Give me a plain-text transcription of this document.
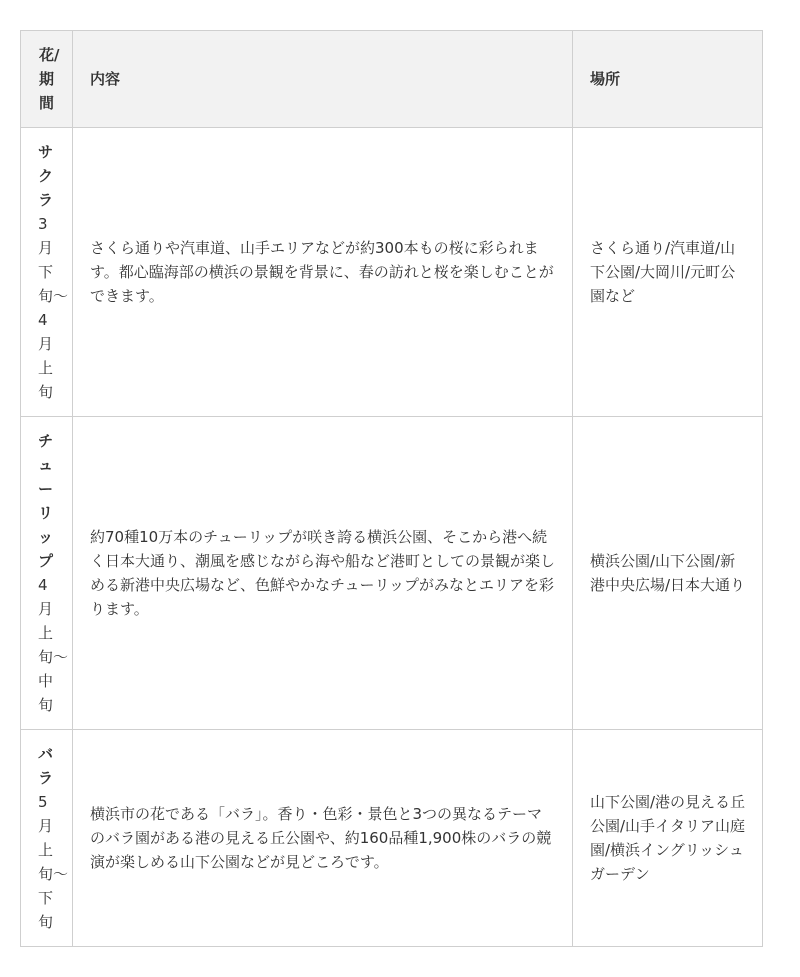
花/期間	内容	場所

サクラ3月下旬〜4月上旬	さくら通りや汽車道、山手エリアなどが約300本もの桜に彩られます。都心臨海部の横浜の景観を背景に、春の訪れと桜を楽しむことができます。	さくら通り/汽車道/山下公園/大岡川/元町公園など

チューリップ4月上旬〜中旬	約70種10万本のチューリップが咲き誇る横浜公園、そこから港へ続く日本大通り、潮風を感じながら海や船など港町としての景観が楽しめる新港中央広場など、色鮮やかなチューリップがみなとエリアを彩ります。	横浜公園/山下公園/新港中央広場/日本大通り

バラ5月上旬〜下旬	横浜市の花である「バラ」。香り・色彩・景色と3つの異なるテーマのバラ園がある港の見える丘公園や、約160品種1,900株のバラの競演が楽しめる山下公園などが見どころです。	山下公園/港の見える丘公園/山手イタリア山庭園/横浜イングリッシュガーデン
